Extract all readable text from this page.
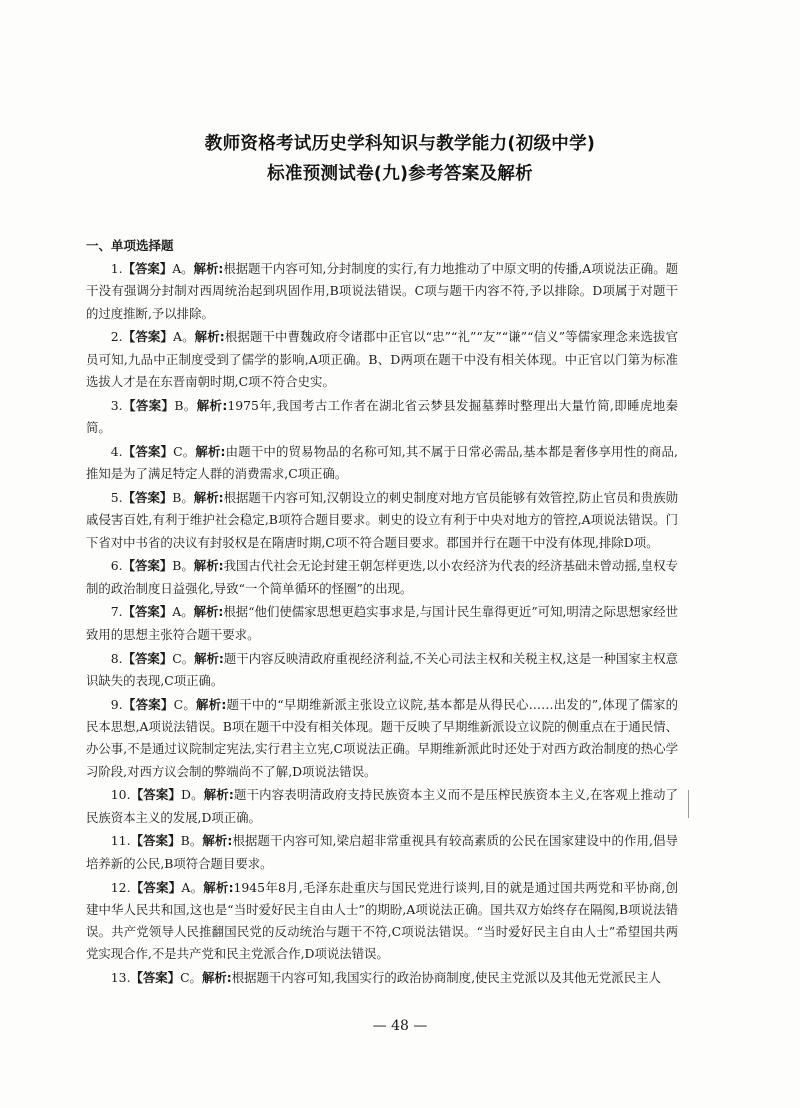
教师资格考试历史学科知识与教学能力(初级中学)
标准预测试卷(九)参考答案及解析
一、单项选择题

1.【答案】A。解析:根据题干内容可知,分封制度的实行,有力地推动了中原文明的传播,A项说法正确。题干没有强调分封制对西周统治起到巩固作用,B项说法错误。C项与题干内容不符,予以排除。D项属于对题干的过度推断,予以排除。

2.【答案】A。解析:根据题干中曹魏政府令诸郡中正官以“忠”“礼”“友”“谦”“信义”等儒家理念来选拔官员可知,九品中正制度受到了儒学的影响,A项正确。B、D两项在题干中没有相关体现。中正官以门第为标准选拔人才是在东晋南朝时期,C项不符合史实。

3.【答案】B。解析:1975年,我国考古工作者在湖北省云梦县发掘墓葬时整理出大量竹简,即睡虎地秦简。

4.【答案】C。解析:由题干中的贸易物品的名称可知,其不属于日常必需品,基本都是奢侈享用性的商品,推知是为了满足特定人群的消费需求,C项正确。

5.【答案】B。解析:根据题干内容可知,汉朝设立的刺史制度对地方官员能够有效管控,防止官员和贵族勋戚侵害百姓,有利于维护社会稳定,B项符合题目要求。刺史的设立有利于中央对地方的管控,A项说法错误。门下省对中书省的决议有封驳权是在隋唐时期,C项不符合题目要求。郡国并行在题干中没有体现,排除D项。

6.【答案】B。解析:我国古代社会无论封建王朝怎样更迭,以小农经济为代表的经济基础未曾动摇,皇权专制的政治制度日益强化,导致“一个简单循环的怪圈”的出现。

7.【答案】A。解析:根据“他们使儒家思想更趋实事求是,与国计民生靠得更近”可知,明清之际思想家经世致用的思想主张符合题干要求。

8.【答案】C。解析:题干内容反映清政府重视经济利益,不关心司法主权和关税主权,这是一种国家主权意识缺失的表现,C项正确。

9.【答案】C。解析:题干中的“早期维新派主张设立议院,基本都是从得民心……出发的”,体现了儒家的民本思想,A项说法错误。B项在题干中没有相关体现。题干反映了早期维新派设立议院的侧重点在于通民情、办公事,不是通过议院制定宪法,实行君主立宪,C项说法正确。早期维新派此时还处于对西方政治制度的热心学习阶段,对西方议会制的弊端尚不了解,D项说法错误。

10.【答案】D。解析:题干内容表明清政府支持民族资本主义而不是压榨民族资本主义,在客观上推动了民族资本主义的发展,D项正确。

11.【答案】B。解析:根据题干内容可知,梁启超非常重视具有较高素质的公民在国家建设中的作用,倡导培养新的公民,B项符合题目要求。

12.【答案】A。解析:1945年8月,毛泽东赴重庆与国民党进行谈判,目的就是通过国共两党和平协商,创建中华人民共和国,这也是“当时爱好民主自由人士”的期盼,A项说法正确。国共双方始终存在隔阂,B项说法错误。共产党领导人民推翻国民党的反动统治与题干不符,C项说法错误。“当时爱好民主自由人士”希望国共两党实现合作,不是共产党和民主党派合作,D项说法错误。

13.【答案】C。解析:根据题干内容可知,我国实行的政治协商制度,使民主党派以及其他无党派民主人

— 48 —
